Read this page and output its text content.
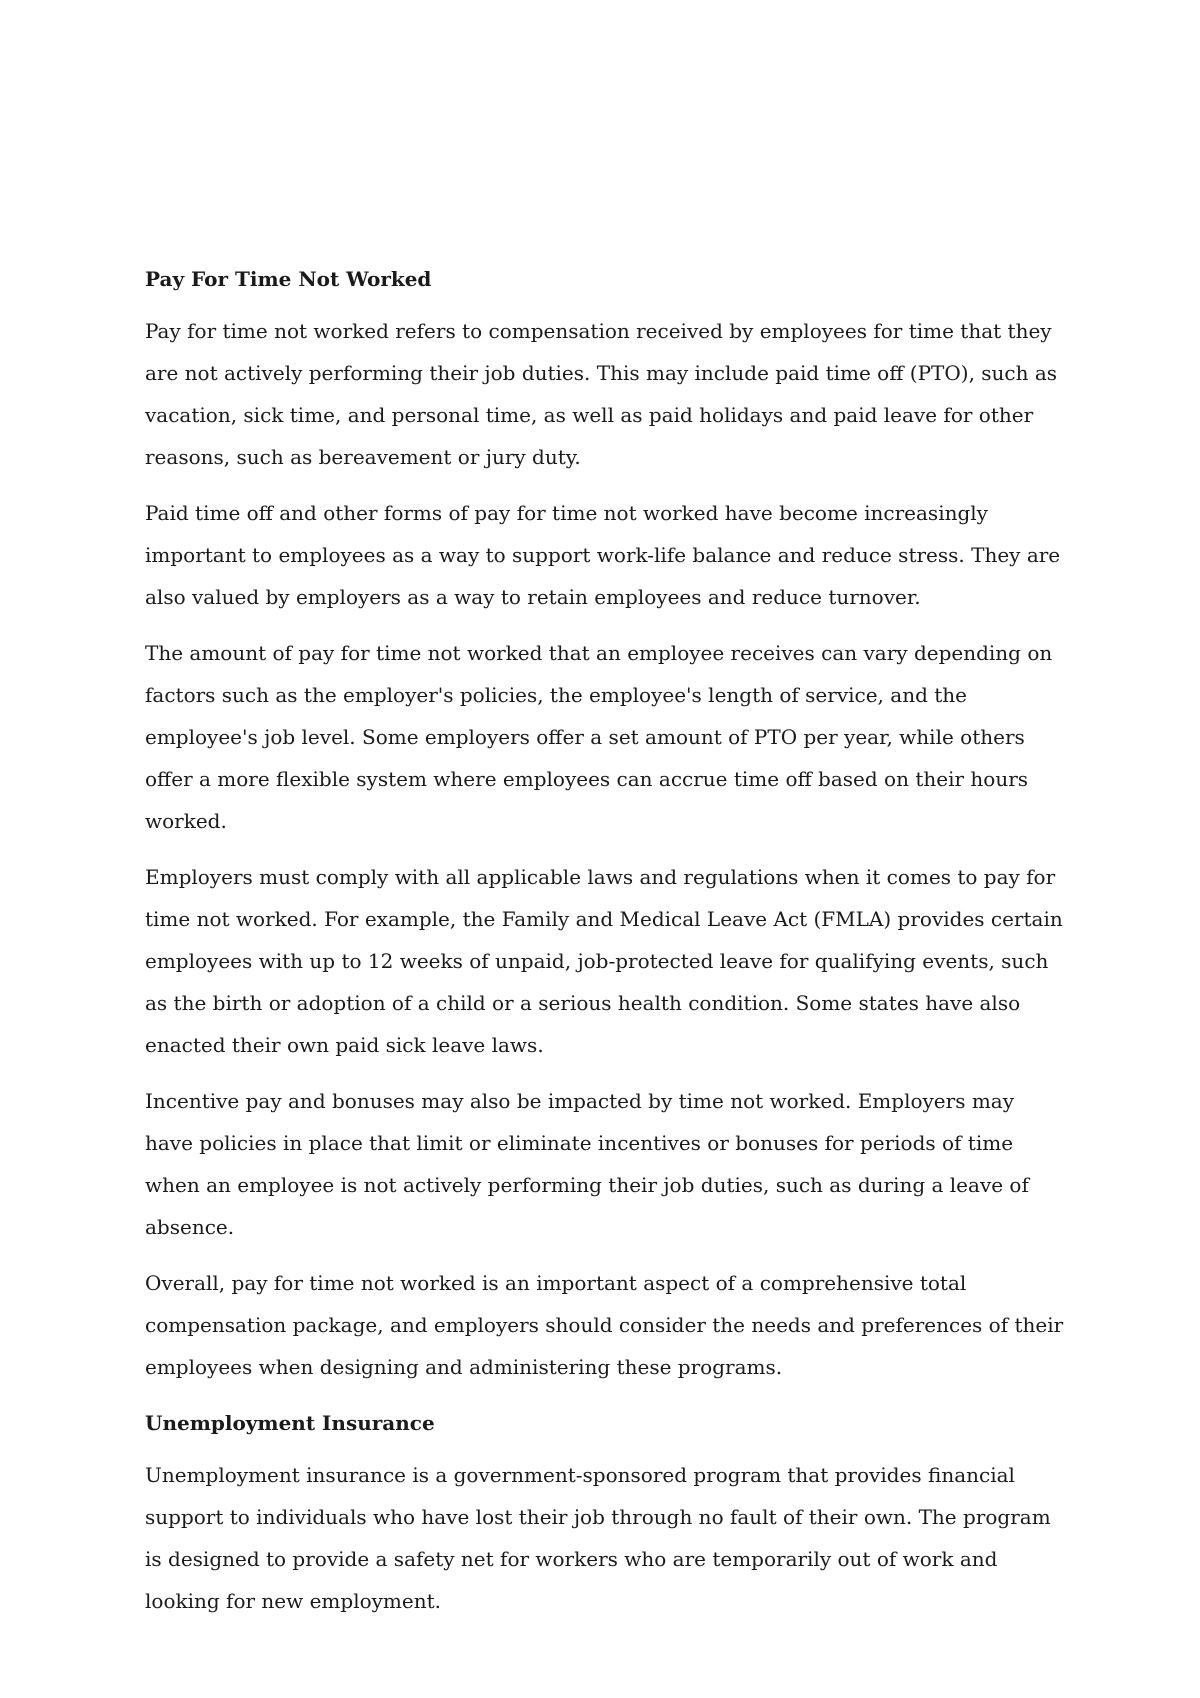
Pay For Time Not Worked

Pay for time not worked refers to compensation received by employees for time that they are not actively performing their job duties. This may include paid time off (PTO), such as vacation, sick time, and personal time, as well as paid holidays and paid leave for other reasons, such as bereavement or jury duty.

Paid time off and other forms of pay for time not worked have become increasingly important to employees as a way to support work-life balance and reduce stress. They are also valued by employers as a way to retain employees and reduce turnover.

The amount of pay for time not worked that an employee receives can vary depending on factors such as the employer's policies, the employee's length of service, and the employee's job level. Some employers offer a set amount of PTO per year, while others offer a more flexible system where employees can accrue time off based on their hours worked.

Employers must comply with all applicable laws and regulations when it comes to pay for time not worked. For example, the Family and Medical Leave Act (FMLA) provides certain employees with up to 12 weeks of unpaid, job-protected leave for qualifying events, such as the birth or adoption of a child or a serious health condition. Some states have also enacted their own paid sick leave laws.

Incentive pay and bonuses may also be impacted by time not worked. Employers may have policies in place that limit or eliminate incentives or bonuses for periods of time when an employee is not actively performing their job duties, such as during a leave of absence.

Overall, pay for time not worked is an important aspect of a comprehensive total compensation package, and employers should consider the needs and preferences of their employees when designing and administering these programs.

Unemployment Insurance

Unemployment insurance is a government-sponsored program that provides financial support to individuals who have lost their job through no fault of their own. The program is designed to provide a safety net for workers who are temporarily out of work and looking for new employment.
